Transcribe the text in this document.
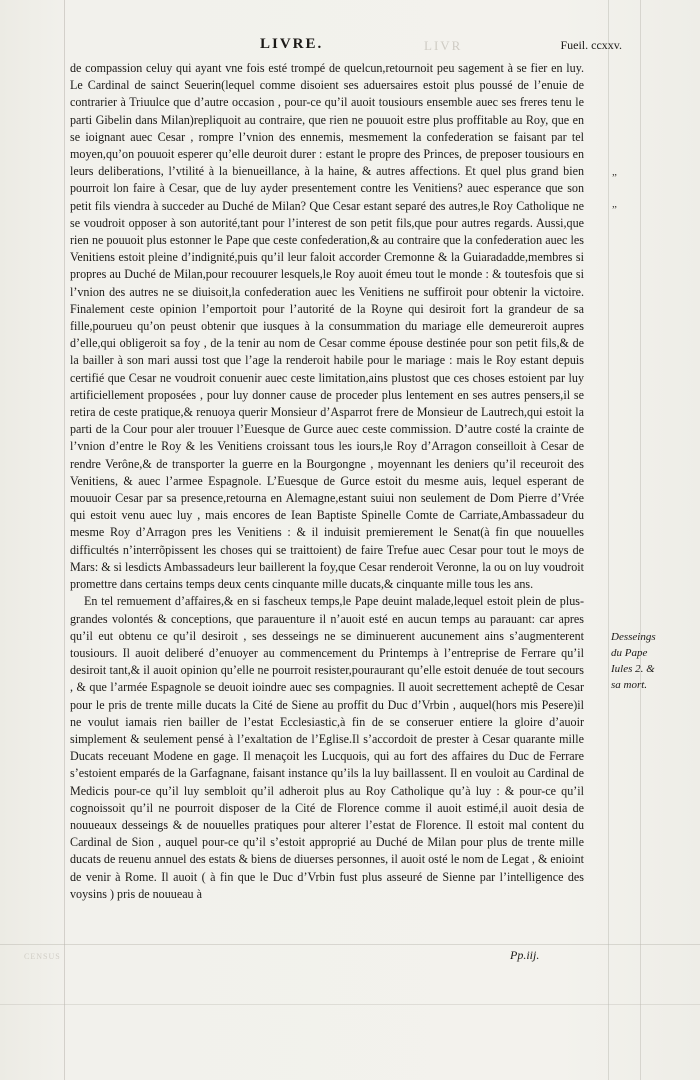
LIVRE.	LIVR	Fueil. ccxxv.

de compassion celuy qui ayant vne fois esté trompé de quelcun,retournoit peu sagement à se fier en luy. Le Cardinal de sainct Seuerin(lequel comme disoient ses aduersaires estoit plus poussé de l’enuie de contrarier à Triuulce que d’autre occasion , pour-ce qu’il auoit tousiours ensemble auec ses freres tenu le parti Gibelin dans Milan)repliquoit au contraire, que rien ne pouuoit estre plus proffitable au Roy, que en se ioignant auec Cesar , rompre l’vnion des ennemis, mesmement la confederation se faisant par tel moyen,qu’on pouuoit esperer qu’elle deuroit durer : estant le propre des Princes, de preposer tousiours en leurs deliberations, l’vtilité à la bienueillance, à la haine, & autres affections. Et quel plus grand bien pourroit lon faire à Cesar, que de luy ayder presentement contre les Venitiens? auec esperance que son petit fils viendra à succeder au Duché de Milan? Que Cesar estant separé des autres,le Roy Catholique ne se voudroit opposer à son autorité,tant pour l’interest de son petit fils,que pour autres regards. Aussi,que rien ne pouuoit plus estonner le Pape que ceste confederation,& au contraire que la confederation auec les Venitiens estoit pleine d’indignité,puis qu’il leur faloit accorder Cremonne & la Guiaradadde,membres si propres au Duché de Milan,pour recouurer lesquels,le Roy auoit émeu tout le monde : & toutesfois que si l’vnion des autres ne se diuisoit,la confederation auec les Venitiens ne suffiroit pour obtenir la victoire. Finalement ceste opinion l’emportoit pour l’autorité de la Royne qui desiroit fort la grandeur de sa fille,pourueu qu’on peust obtenir que iusques à la consummation du mariage elle demeureroit aupres d’elle,qui obligeroit sa foy , de la tenir au nom de Cesar comme épouse destinée pour son petit fils,& de la bailler à son mari aussi tost que l’age la renderoit habile pour le mariage : mais le Roy estant depuis certifié que Cesar ne voudroit conuenir auec ceste limitation,ains plustost que ces choses estoient par luy artificiellement proposées , pour luy donner cause de proceder plus lentement en ses autres pensers,il se retira de ceste pratique,& renuoya querir Monsieur d’Asparrot frere de Monsieur de Lautrech,qui estoit la parti de la Cour pour aler trouuer l’Euesque de Gurce auec ceste commission. D’autre costé la crainte de l’vnion d’entre le Roy & les Venitiens croissant tous les iours,le Roy d’Arragon conseilloit à Cesar de rendre Verône,& de transporter la guerre en la Bourgongne , moyennant les deniers qu’il receuroit des Venitiens, & auec l’armee Espagnole. L’Euesque de Gurce estoit du mesme auis, lequel esperant de mouuoir Cesar par sa presence,retourna en Alemagne,estant suiui non seulement de Dom Pierre d’Vrée qui estoit venu auec luy , mais encores de Iean Baptiste Spinelle Comte de Carriate,Ambassadeur du mesme Roy d’Arragon pres les Venitiens : & il induisit premierement le Senat(à fin que nouuelles difficultés n’interrõpissent les choses qui se traittoient) de faire Trefue auec Cesar pour tout le moys de Mars: & si lesdicts Ambassadeurs leur baillerent la foy,que Cesar renderoit Veronne, la ou on luy voudroit promettre dans certains temps deux cents cinquante mille ducats,& cinquante mille tous les ans.

En tel remuement d’affaires,& en si fascheux temps,le Pape deuint malade,lequel estoit plein de plus-grandes volontés & conceptions, que parauenture il n’auoit esté en aucun temps au parauant: car apres qu’il eut obtenu ce qu’il desiroit , ses desseings ne se diminuerent aucunement ains s’augmenterent tousiours. Il auoit deliberé d’enuoyer au commencement du Printemps à l’entreprise de Ferrare qu’il desiroit tant,& il auoit opinion qu’elle ne pourroit resister,pouraurant qu’elle estoit denuée de tout secours , & que l’armée Espagnole se deuoit ioindre auec ses compagnies. Il auoit secrettement acheptê de Cesar pour le pris de trente mille ducats la Cité de Siene au proffit du Duc d’Vrbin , auquel(hors mis Pesere)il ne voulut iamais rien bailler de l’estat Ecclesiastic,à fin de se conseruer entiere la gloire d’auoir simplement & seulement pensé à l’exaltation de l’Eglise.Il s’accordoit de prester à Cesar quarante mille Ducats receuant Modene en gage. Il menaçoit les Lucquois, qui au fort des affaires du Duc de Ferrare s’estoient emparés de la Garfagnane, faisant instance qu’ils la luy baillassent. Il en vouloit au Cardinal de Medicis pour-ce qu’il luy sembloit qu’il adheroit plus au Roy Catholique qu’à luy : & pour-ce qu’il cognoissoit qu’il ne pourroit disposer de la Cité de Florence comme il auoit estimé,il auoit desia de nouueaux desseings & de nouuelles pratiques pour alterer l’estat de Florence. Il estoit mal content du Cardinal de Sion , auquel pour-ce qu’il s’estoit approprié au Duché de Milan pour plus de trente mille ducats de reuenu annuel des estats & biens de diuerses personnes, il auoit osté le nom de Legat , & enioint de venir à Rome. Il auoit ( à fin que le Duc d’Vrbin fust plus asseuré de Sienne par l’intelligence des voysins ) pris de nouueau à

„
„
Desseings
du Pape
Iules 2. &
sa mort.
Pp.iij.
CENSUS
